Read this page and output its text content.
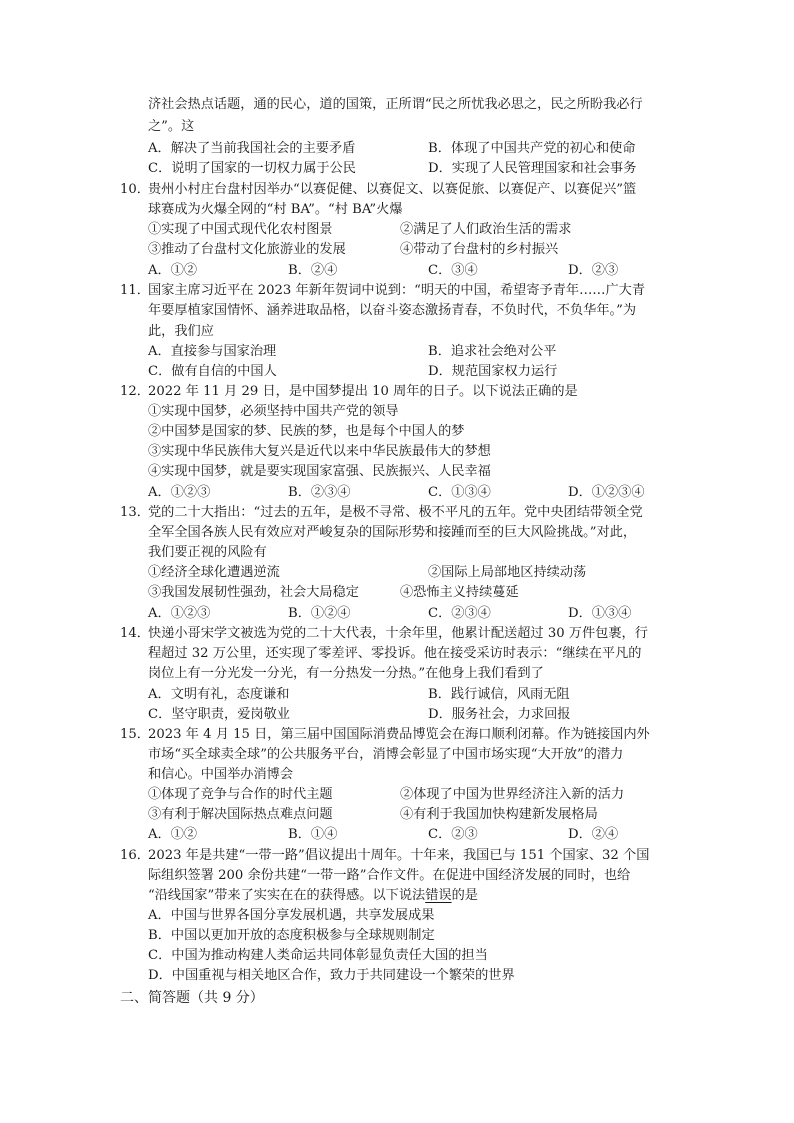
济社会热点话题，通的民心，道的国策，正所谓“民之所忧我必思之，民之所盼我必行
之”。这
A．解决了当前我国社会的主要矛盾	B．体现了中国共产党的初心和使命
C．说明了国家的一切权力属于公民	D．实现了人民管理国家和社会事务
10．
贵州小村庄台盘村因举办“以赛促健、以赛促文、以赛促旅、以赛促产、以赛促兴”篮
球赛成为火爆全网的“村 BA”。“村 BA”火爆
①实现了中国式现代化农村图景	②满足了人们政治生活的需求
③推动了台盘村文化旅游业的发展	④带动了台盘村的乡村振兴
A．①②	B．②④	C．③④	D．②③
11．
国家主席习近平在 2023 年新年贺词中说到：“明天的中国，希望寄予青年……广大青
年要厚植家国情怀、涵养进取品格，以奋斗姿态激扬青春，不负时代，不负华年。”为
此，我们应
A．直接参与国家治理	B．追求社会绝对公平
C．做有自信的中国人	D．规范国家权力运行
12．
2022 年 11 月 29 日，是中国梦提出 10 周年的日子。以下说法正确的是
①实现中国梦，必须坚持中国共产党的领导
②中国梦是国家的梦、民族的梦，也是每个中国人的梦
③实现中华民族伟大复兴是近代以来中华民族最伟大的梦想
④实现中国梦，就是要实现国家富强、民族振兴、人民幸福
A．①②③	B．②③④	C．①③④	D．①②③④
13．
党的二十大指出：“过去的五年，是极不寻常、极不平凡的五年。党中央团结带领全党
全军全国各族人民有效应对严峻复杂的国际形势和接踵而至的巨大风险挑战。”对此，
我们要正视的风险有
①经济全球化遭遇逆流	②国际上局部地区持续动荡
③我国发展韧性强劲，社会大局稳定	④恐怖主义持续蔓延
A．①②③	B．①②④	C．②③④	D．①③④
14．
快递小哥宋学文被选为党的二十大代表，十余年里，他累计配送超过 30 万件包裹，行
程超过 32 万公里，还实现了零差评、零投诉。他在接受采访时表示：“继续在平凡的
岗位上有一分光发一分光，有一分热发一分热。”在他身上我们看到了
A．文明有礼，态度谦和	B．践行诚信，风雨无阻
C．坚守职责，爱岗敬业	D．服务社会，力求回报
15．
2023 年 4 月 15 日，第三届中国国际消费品博览会在海口顺利闭幕。作为链接国内外
市场“买全球卖全球”的公共服务平台，消博会彰显了中国市场实现“大开放”的潜力
和信心。中国举办消博会
①体现了竞争与合作的时代主题	②体现了中国为世界经济注入新的活力
③有利于解决国际热点难点问题	④有利于我国加快构建新发展格局
A．①②	B．①④	C．②③	D．②④
16．
2023 年是共建“一带一路”倡议提出十周年。十年来，我国已与 151 个国家、32 个国
际组织签署 200 余份共建“一带一路”合作文件。在促进中国经济发展的同时，也给
“沿线国家”带来了实实在在的获得感。以下说法错误的是
A．中国与世界各国分享发展机遇，共享发展成果
B．中国以更加开放的态度积极参与全球规则制定
C．中国为推动构建人类命运共同体彰显负责任大国的担当
D．中国重视与相关地区合作，致力于共同建设一个繁荣的世界
二、简答题（共 9 分）
